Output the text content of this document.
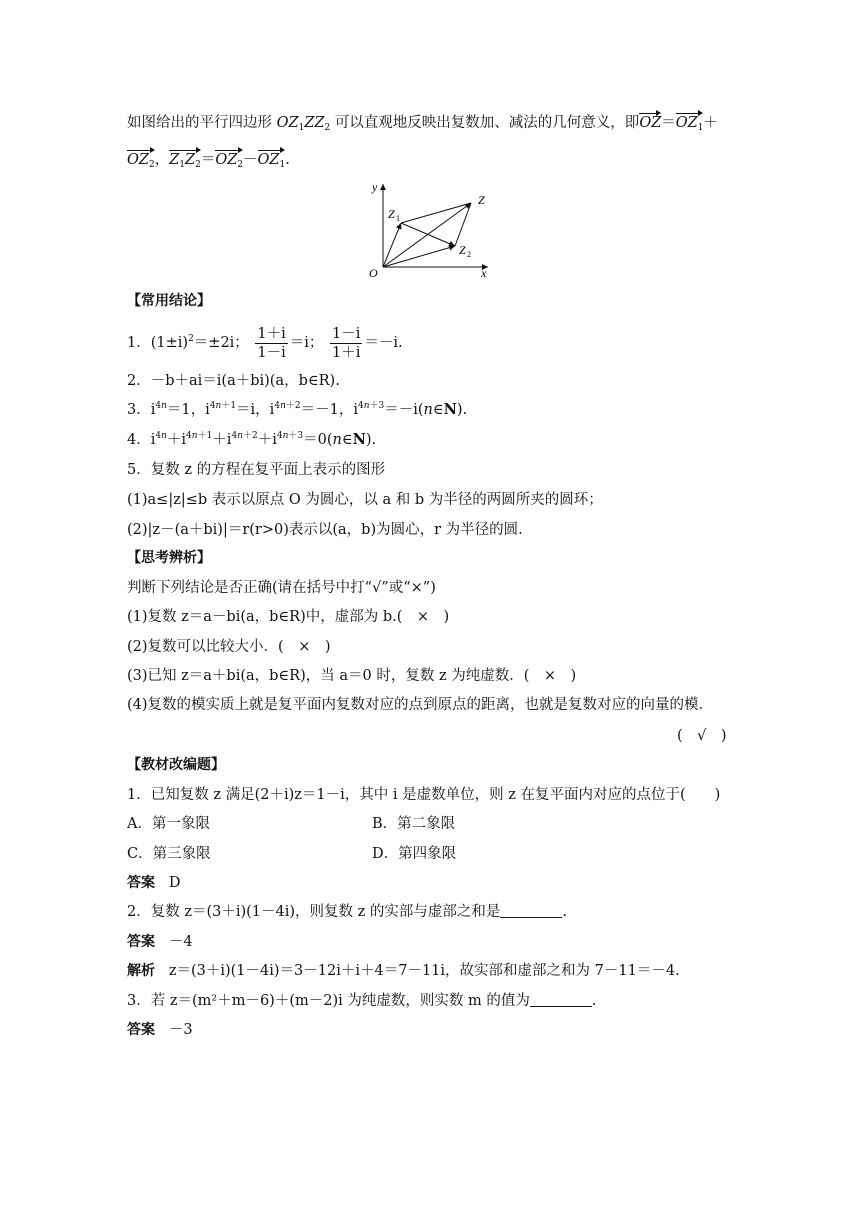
如图给出的平行四边形 $OZ_1ZZ_2$ 可以直观地反映出复数加、减法的几何意义，即$OZ=OZ_1+$
$OZ_2$，$Z_1Z_2=OZ_2-OZ_1$.
y
x
O
Z
Z 1
Z 2
【常用结论】
1．$(1\pm i)^2=\pm 2i$； $\frac{1+i}{1-i} =i$； $\frac{1-i}{1+i} =-i$.
2．－b＋ai＝i(a＋bi)(a，b∈R).
3．$i^{4n}=1$，$i^{4n+1}=i$，$i^{4n+2}=-1$，$i^{4n+3}=-i(n\in N)$.
4．$i^{4n}+i^{4n+1}+i^{4n+2}+i^{4n+3}=0(n\in N)$.
5．复数 z 的方程在复平面上表示的图形
(1)a≤|z|≤b 表示以原点 O 为圆心，以 a 和 b 为半径的两圆所夹的圆环；
(2)|z－(a＋bi)|＝r(r>0)表示以(a，b)为圆心，r 为半径的圆.
【思考辨析】
判断下列结论是否正确(请在括号中打“√”或“×”)
(1)复数 z＝a－bi(a，b∈R)中，虚部为 b.(　×　)
(2)复数可以比较大小．(　×　)
(3)已知 z＝a＋bi(a，b∈R)，当 a＝0 时，复数 z 为纯虚数．(　×　)
(4)复数的模实质上就是复平面内复数对应的点到原点的距离，也就是复数对应的向量的模．
(　√　)
【教材改编题】
1．已知复数 z 满足(2＋i)z＝1－i，其中 i 是虚数单位，则 z 在复平面内对应的点位于(　　)
A．第一象限	B．第二象限
C．第三象限	D．第四象限
答案 D
2．复数 z＝(3＋i)(1－4i)，则复数 z 的实部与虚部之和是	.
答案 －4
解析 z＝(3＋i)(1－4i)＝3－12i＋i＋4＝7－11i，故实部和虚部之和为 7－11＝－4.
3．若 z＝(m²＋m－6)＋(m－2)i 为纯虚数，则实数 m 的值为	.
答案 －3
